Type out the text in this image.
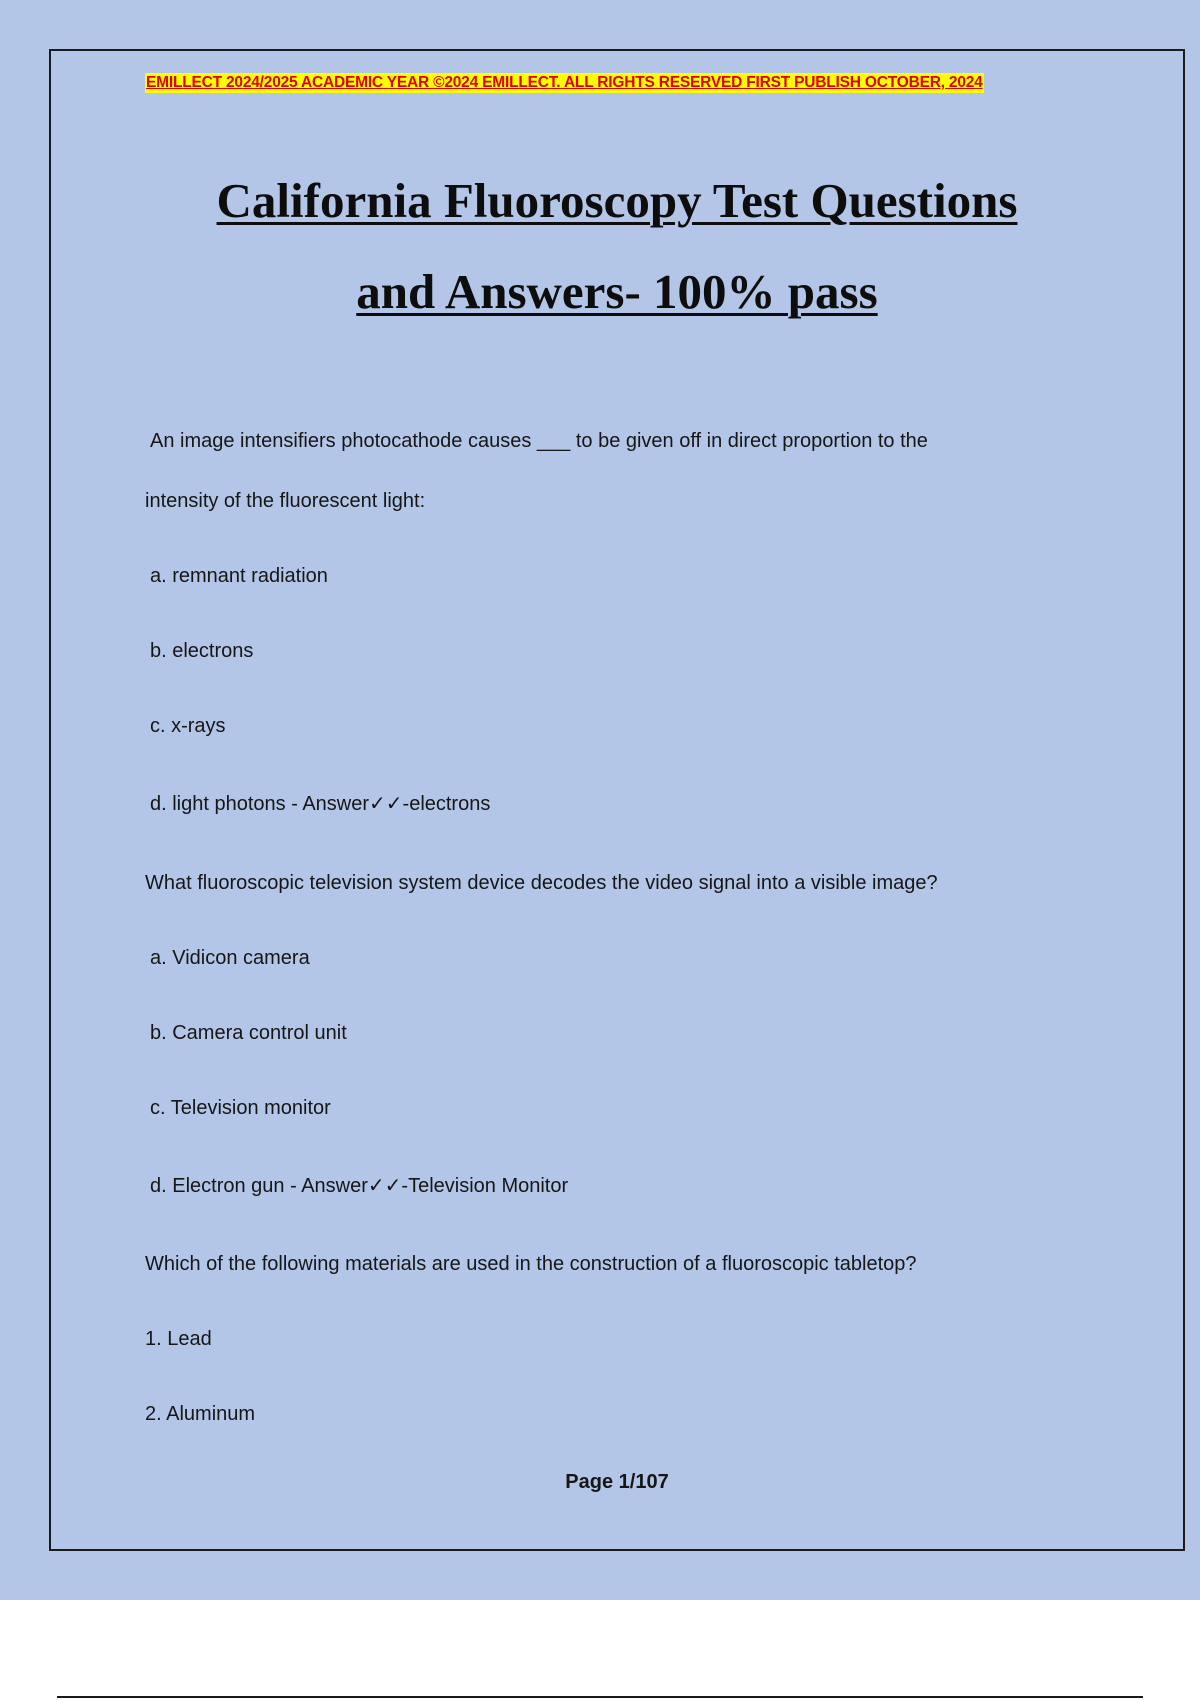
EMILLECT 2024/2025 ACADEMIC YEAR ©2024 EMILLECT. ALL RIGHTS RESERVED FIRST PUBLISH OCTOBER, 2024
California Fluoroscopy Test Questions
and Answers- 100% pass
An image intensifiers photocathode causes ___ to be given off in direct proportion to the
intensity of the fluorescent light:
a. remnant radiation
b. electrons
c. x-rays
d. light photons - Answer✓✓-electrons
What fluoroscopic television system device decodes the video signal into a visible image?
a. Vidicon camera
b. Camera control unit
c. Television monitor
d. Electron gun - Answer✓✓-Television Monitor
Which of the following materials are used in the construction of a fluoroscopic tabletop?
1. Lead
2. Aluminum
Page 1/107
